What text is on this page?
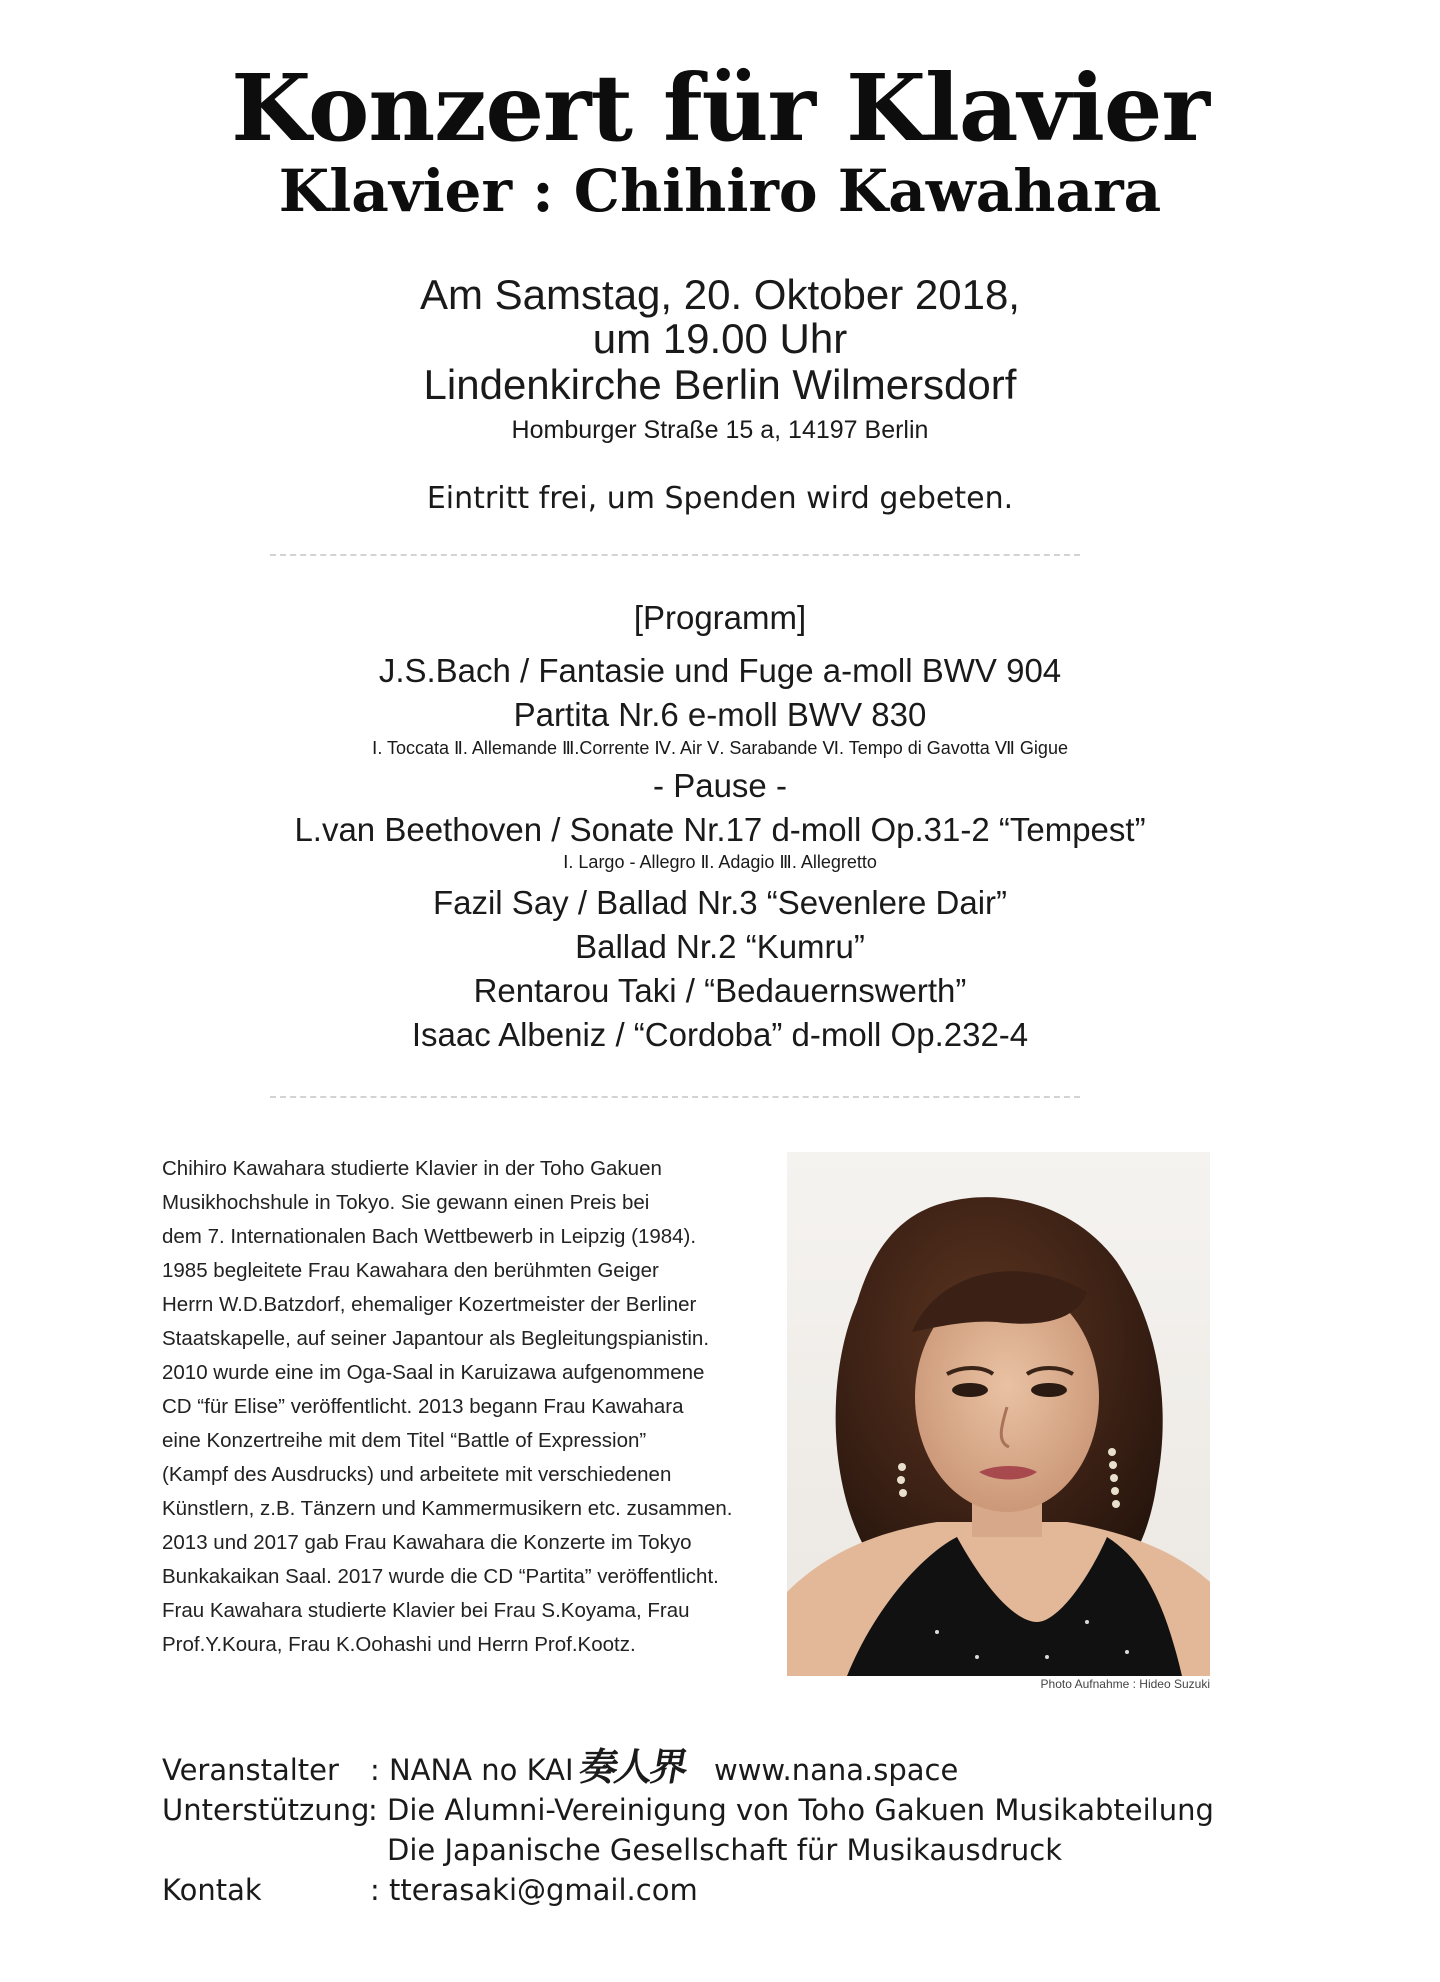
Konzert für Klavier
Klavier : Chihiro Kawahara
Am Samstag, 20. Oktober 2018,
um 19.00 Uhr
Lindenkirche Berlin Wilmersdorf
Homburger Straße 15 a, 14197 Berlin
Eintritt frei, um Spenden wird gebeten.
[Programm]
J.S.Bach / Fantasie und Fuge a-moll BWV 904
Partita Nr.6 e-moll BWV 830
Ⅰ. Toccata Ⅱ. Allemande Ⅲ.Corrente Ⅳ. Air Ⅴ. Sarabande Ⅵ. Tempo di Gavotta Ⅶ Gigue
- Pause -
L.van Beethoven / Sonate Nr.17 d-moll Op.31-2 “Tempest”
Ⅰ. Largo - Allegro Ⅱ. Adagio Ⅲ. Allegretto
Fazil Say / Ballad Nr.3 “Sevenlere Dair”
Ballad Nr.2 “Kumru”
Rentarou Taki / “Bedauernswerth”
Isaac Albeniz / “Cordoba” d-moll Op.232-4
Chihiro Kawahara studierte Klavier in der Toho Gakuen
Musikhochshule in Tokyo. Sie gewann einen Preis bei
dem 7. Internationalen Bach Wettbewerb in Leipzig (1984).
1985 begleitete Frau Kawahara den berühmten Geiger
Herrn W.D.Batzdorf, ehemaliger Kozertmeister der Berliner
Staatskapelle, auf seiner Japantour als Begleitungspianistin.
2010 wurde eine im Oga-Saal in Karuizawa aufgenommene
CD “für Elise” veröffentlicht. 2013 begann Frau Kawahara
eine Konzertreihe mit dem Titel “Battle of Expression”
(Kampf des Ausdrucks) und arbeitete mit verschiedenen
Künstlern, z.B. Tänzern und Kammermusikern etc. zusammen.
2013 und 2017 gab Frau Kawahara die Konzerte im Tokyo
Bunkakaikan Saal. 2017 wurde die CD “Partita” veröffentlicht.
Frau Kawahara studierte Klavier bei Frau S.Koyama, Frau
Prof.Y.Koura, Frau K.Oohashi und Herrn Prof.Kootz.
Photo Aufnahme : Hideo Suzuki
Veranstalter : NANA no KAI 奏人界 www.nana.space
Unterstützung
: Die Alumni-Vereinigung von Toho Gakuen Musikabteilung
Die Japanische Gesellschaft für Musikausdruck
Kontak	: tterasaki@gmail.com
